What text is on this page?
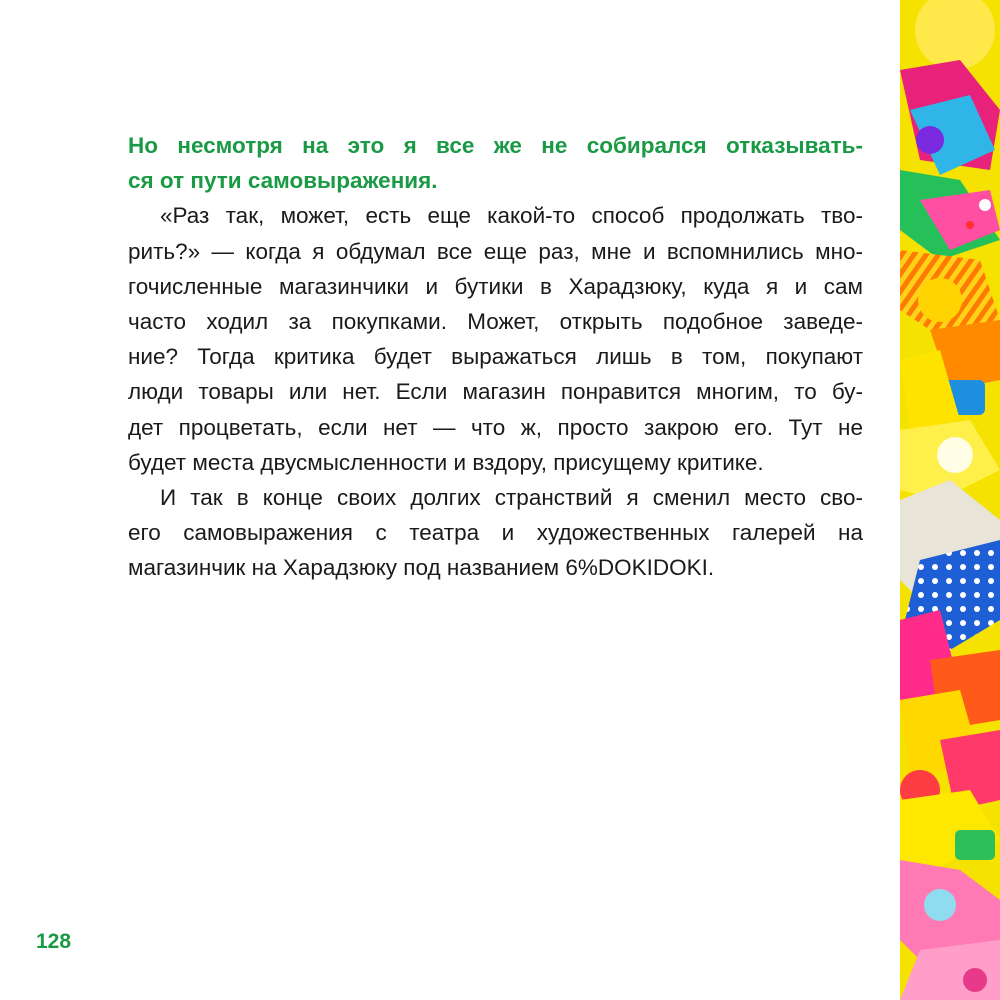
Но несмотря на это я все же не собирался отказывать-
ся от пути самовыражения.
«Раз так, может, есть еще какой-то способ продолжать тво-
рить?» — когда я обдумал все еще раз, мне и вспомнились мно-
гочисленные магазинчики и бутики в Харадзюку, куда я и сам
часто ходил за покупками. Может, открыть подобное заведе-
ние? Тогда критика будет выражаться лишь в том, покупают
люди товары или нет. Если магазин понравится многим, то бу-
дет процветать, если нет — что ж, просто закрою его. Тут не
будет места двусмысленности и вздору, присущему критике.
И так в конце своих долгих странствий я сменил место сво-
его самовыражения с театра и художественных галерей на
магазинчик на Харадзюку под названием 6%DOKIDOKI.
128
